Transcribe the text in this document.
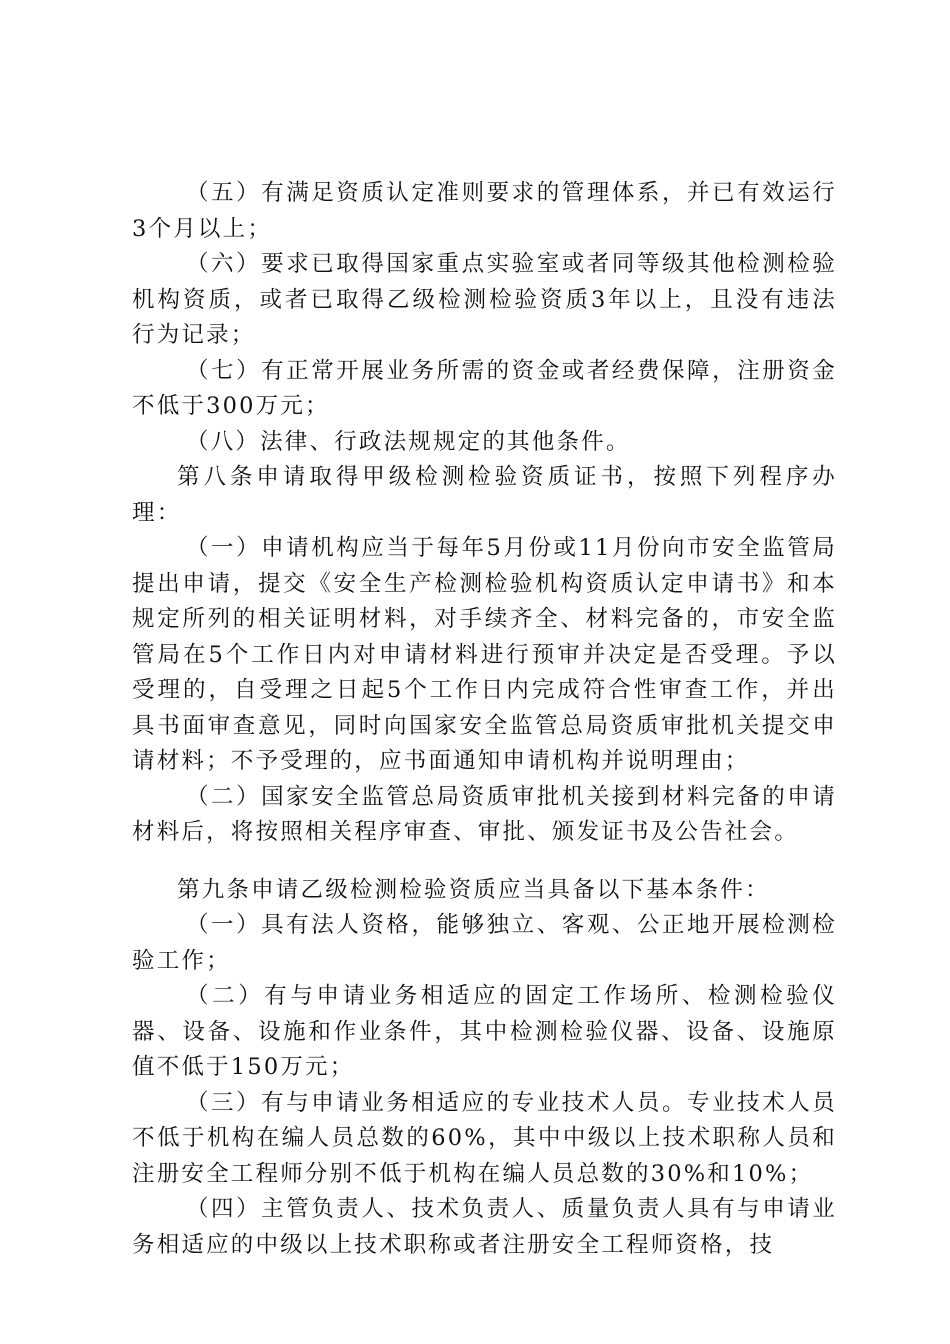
（五）有满足资质认定准则要求的管理体系，并已有效运行3个月以上；

（六）要求已取得国家重点实验室或者同等级其他检测检验机构资质，或者已取得乙级检测检验资质3年以上，且没有违法行为记录；

（七）有正常开展业务所需的资金或者经费保障，注册资金不低于300万元；

（八）法律、行政法规规定的其他条件。

第八条申请取得甲级检测检验资质证书，按照下列程序办理：

（一）申请机构应当于每年5月份或11月份向市安全监管局提出申请，提交《安全生产检测检验机构资质认定申请书》和本规定所列的相关证明材料，对手续齐全、材料完备的，市安全监管局在5个工作日内对申请材料进行预审并决定是否受理。予以受理的，自受理之日起5个工作日内完成符合性审查工作，并出具书面审查意见，同时向国家安全监管总局资质审批机关提交申请材料；不予受理的，应书面通知申请机构并说明理由；

（二）国家安全监管总局资质审批机关接到材料完备的申请材料后，将按照相关程序审查、审批、颁发证书及公告社会。

第九条申请乙级检测检验资质应当具备以下基本条件：

（一）具有法人资格，能够独立、客观、公正地开展检测检验工作；

（二）有与申请业务相适应的固定工作场所、检测检验仪器、设备、设施和作业条件，其中检测检验仪器、设备、设施原值不低于150万元；

（三）有与申请业务相适应的专业技术人员。专业技术人员不低于机构在编人员总数的60%，其中中级以上技术职称人员和注册安全工程师分别不低于机构在编人员总数的30%和10%；

（四）主管负责人、技术负责人、质量负责人具有与申请业务相适应的中级以上技术职称或者注册安全工程师资格，技
